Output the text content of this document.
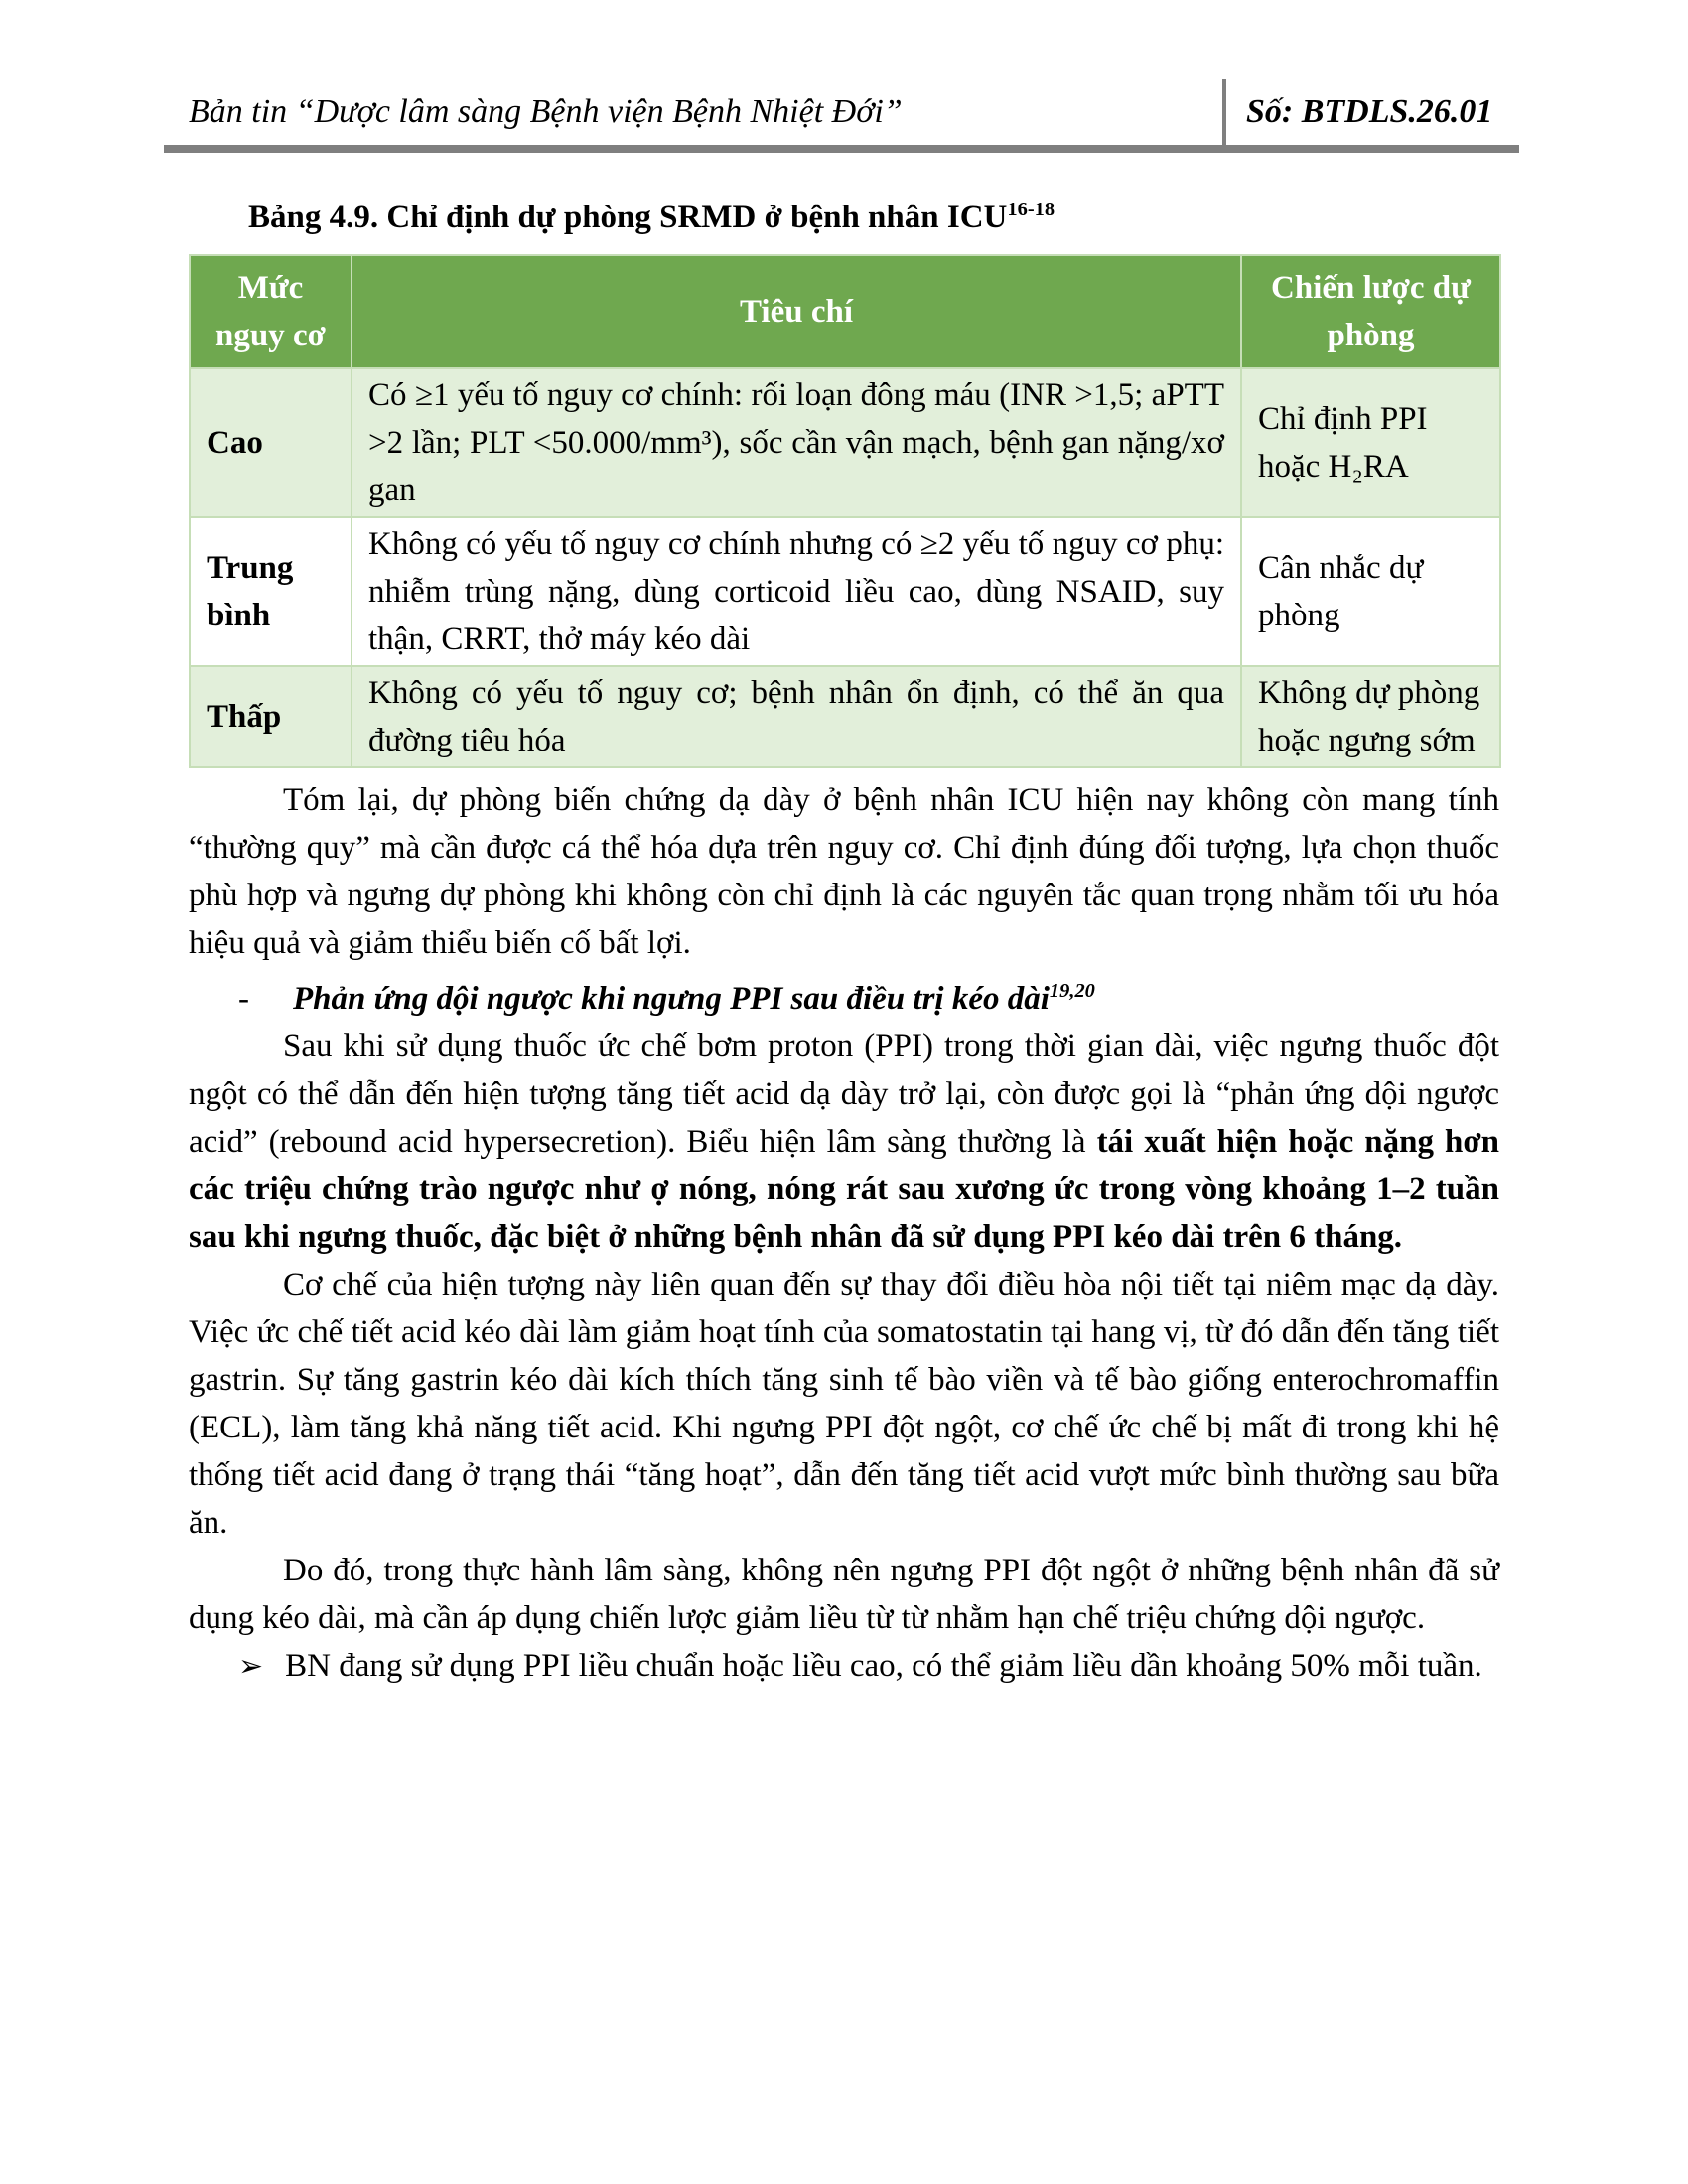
Bản tin “Dược lâm sàng Bệnh viện Bệnh Nhiệt Đới”	Số: BTDLS.26.01

Bảng 4.9. Chỉ định dự phòng SRMD ở bệnh nhân ICU$^{16-18}$

Mức nguy cơ	Tiêu chí	Chiến lược dự phòng
Cao	Có ≥1 yếu tố nguy cơ chính: rối loạn đông máu (INR >1,5; aPTT >2 lần; PLT <50.000/mm³), sốc cần vận mạch, bệnh gan nặng/xơ gan	Chỉ định PPI hoặc H₂RA
Trung bình	Không có yếu tố nguy cơ chính nhưng có ≥2 yếu tố nguy cơ phụ: nhiễm trùng nặng, dùng corticoid liều cao, dùng NSAID, suy thận, CRRT, thở máy kéo dài	Cân nhắc dự phòng
Thấp	Không có yếu tố nguy cơ; bệnh nhân ổn định, có thể ăn qua đường tiêu hóa	Không dự phòng hoặc ngưng sớm

Tóm lại, dự phòng biến chứng dạ dày ở bệnh nhân ICU hiện nay không còn mang tính “thường quy” mà cần được cá thể hóa dựa trên nguy cơ. Chỉ định đúng đối tượng, lựa chọn thuốc phù hợp và ngưng dự phòng khi không còn chỉ định là các nguyên tắc quan trọng nhằm tối ưu hóa hiệu quả và giảm thiểu biến cố bất lợi.

- Phản ứng dội ngược khi ngưng PPI sau điều trị kéo dài$^{19,20}$

Sau khi sử dụng thuốc ức chế bơm proton (PPI) trong thời gian dài, việc ngưng thuốc đột ngột có thể dẫn đến hiện tượng tăng tiết acid dạ dày trở lại, còn được gọi là “phản ứng dội ngược acid” (rebound acid hypersecretion). Biểu hiện lâm sàng thường là tái xuất hiện hoặc nặng hơn các triệu chứng trào ngược như ợ nóng, nóng rát sau xương ức trong vòng khoảng 1–2 tuần sau khi ngưng thuốc, đặc biệt ở những bệnh nhân đã sử dụng PPI kéo dài trên 6 tháng.

Cơ chế của hiện tượng này liên quan đến sự thay đổi điều hòa nội tiết tại niêm mạc dạ dày. Việc ức chế tiết acid kéo dài làm giảm hoạt tính của somatostatin tại hang vị, từ đó dẫn đến tăng tiết gastrin. Sự tăng gastrin kéo dài kích thích tăng sinh tế bào viền và tế bào giống enterochromaffin (ECL), làm tăng khả năng tiết acid. Khi ngưng PPI đột ngột, cơ chế ức chế bị mất đi trong khi hệ thống tiết acid đang ở trạng thái “tăng hoạt”, dẫn đến tăng tiết acid vượt mức bình thường sau bữa ăn.

Do đó, trong thực hành lâm sàng, không nên ngưng PPI đột ngột ở những bệnh nhân đã sử dụng kéo dài, mà cần áp dụng chiến lược giảm liều từ từ nhằm hạn chế triệu chứng dội ngược.

➢ BN đang sử dụng PPI liều chuẩn hoặc liều cao, có thể giảm liều dần khoảng 50% mỗi tuần.
